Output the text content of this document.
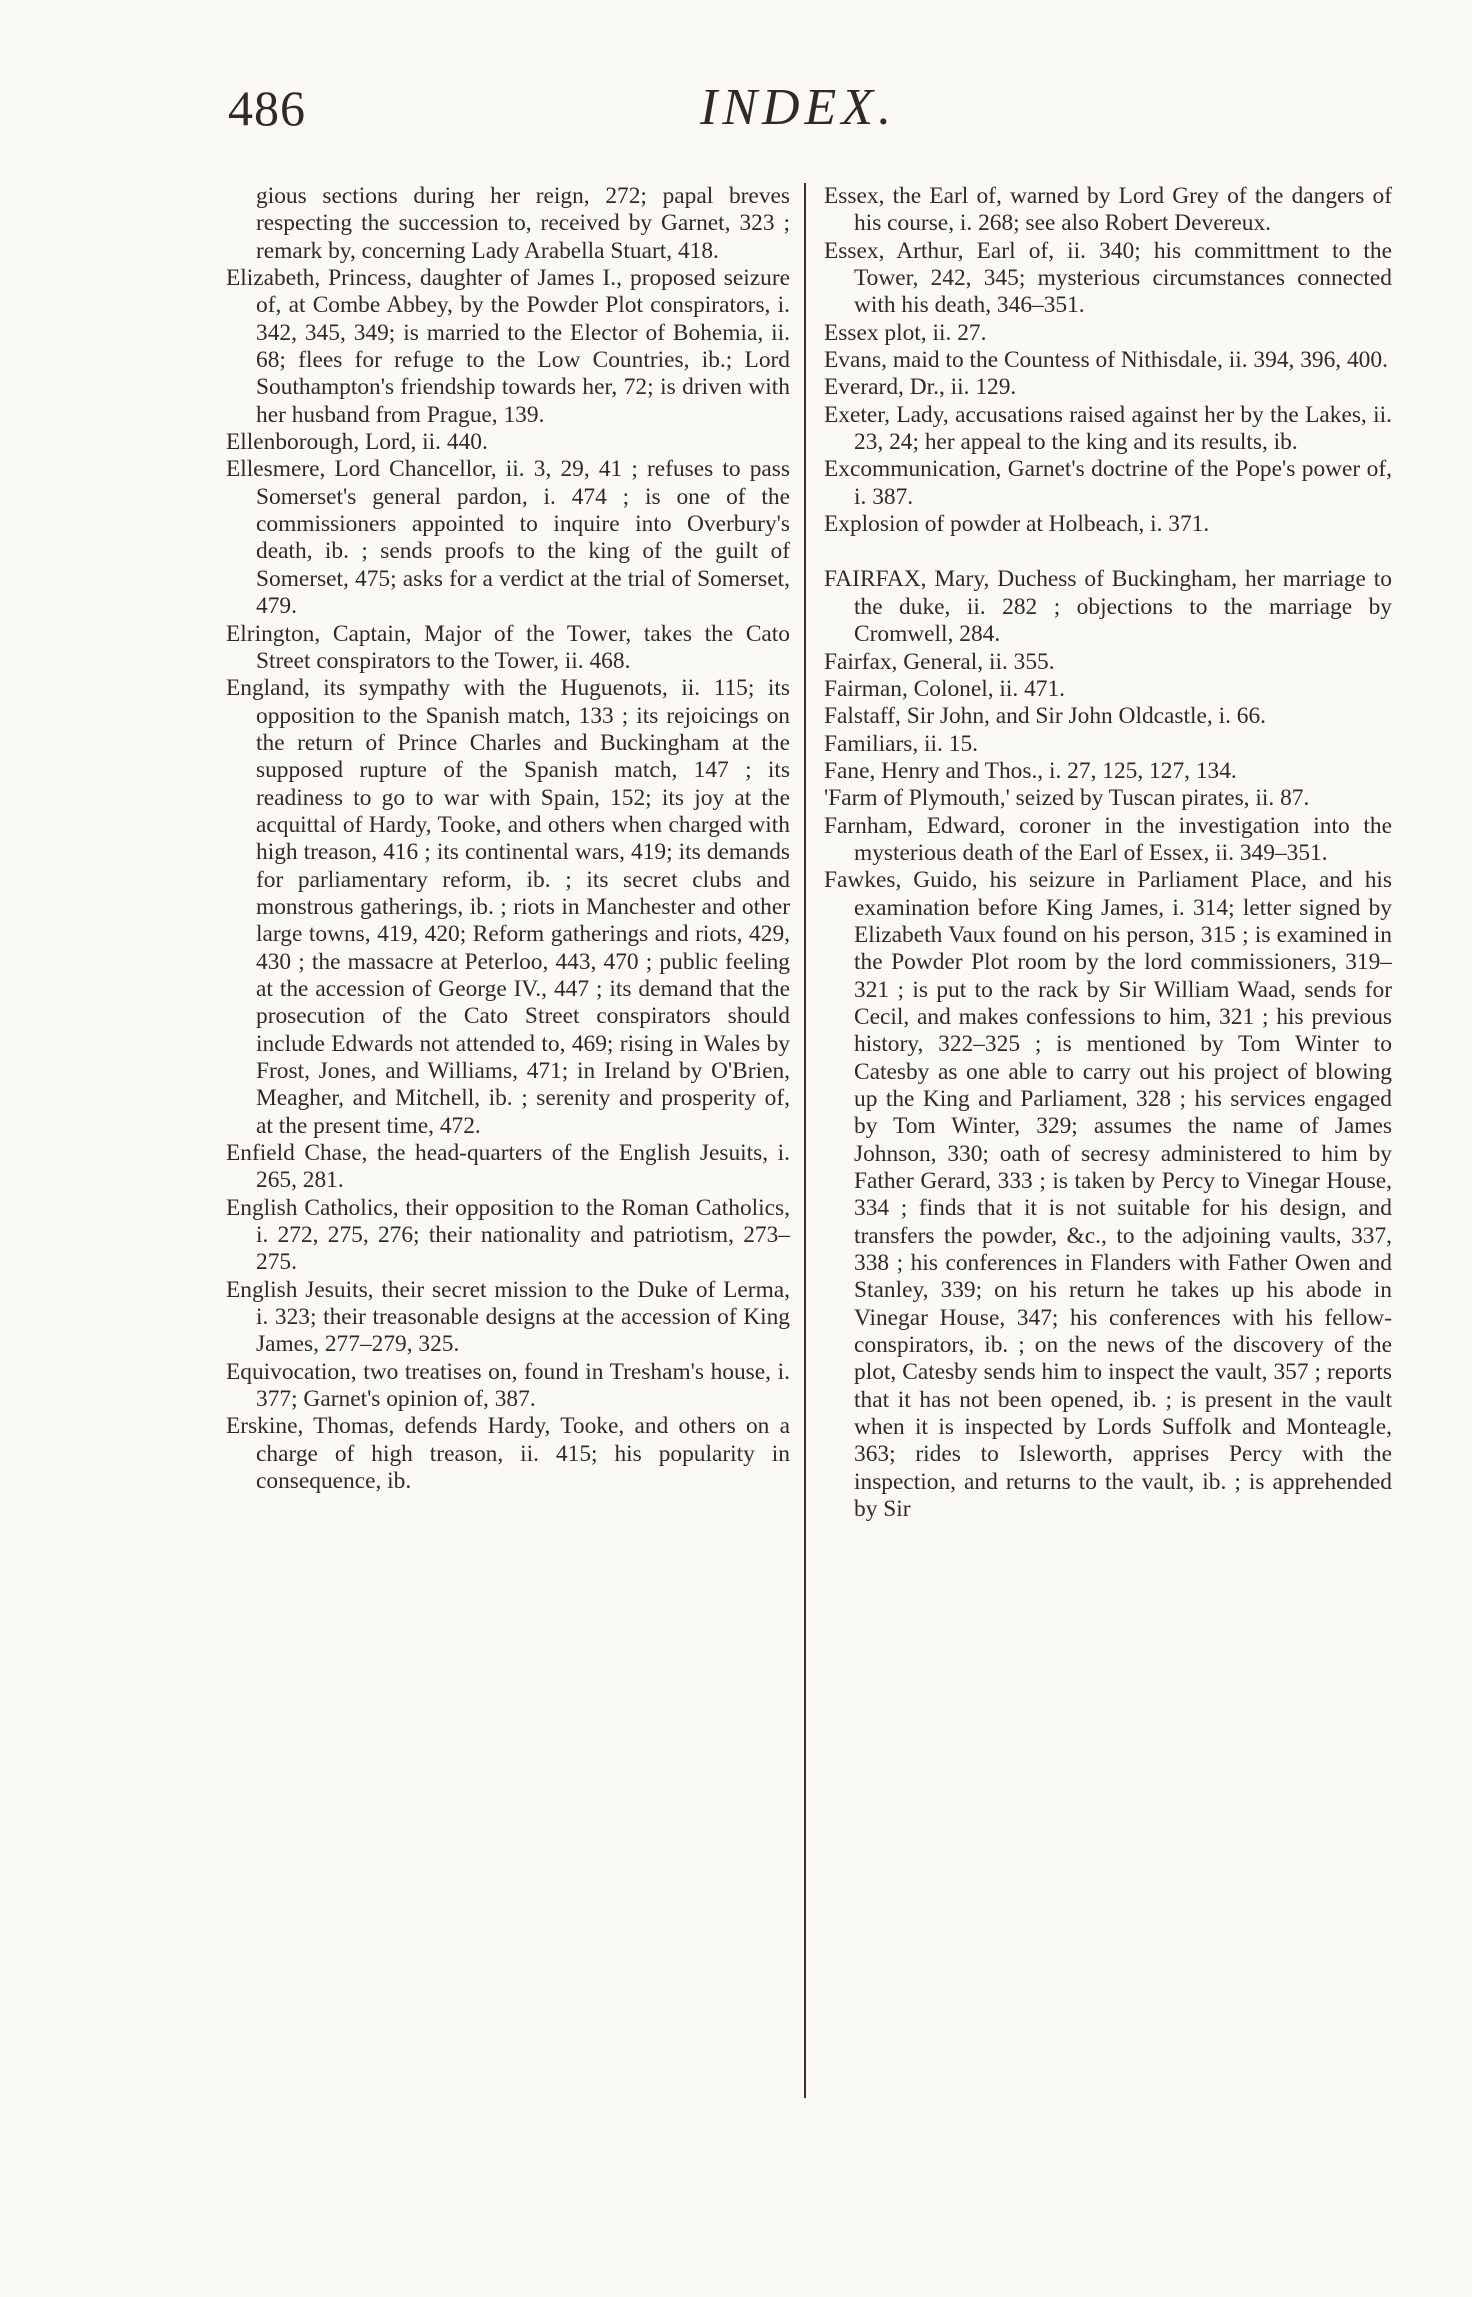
486	INDEX.

gious sections during her reign, 272; papal breves respecting the succession to, received by Garnet, 323 ; remark by, concerning Lady Arabella Stuart, 418.

Elizabeth, Princess, daughter of James I., proposed seizure of, at Combe Abbey, by the Powder Plot conspirators, i. 342, 345, 349; is married to the Elector of Bohemia, ii. 68; flees for refuge to the Low Countries, ib.; Lord Southampton's friendship towards her, 72; is driven with her husband from Prague, 139.

Ellenborough, Lord, ii. 440.

Ellesmere, Lord Chancellor, ii. 3, 29, 41 ; refuses to pass Somerset's general pardon, i. 474 ; is one of the commissioners appointed to inquire into Overbury's death, ib. ; sends proofs to the king of the guilt of Somerset, 475; asks for a verdict at the trial of Somerset, 479.

Elrington, Captain, Major of the Tower, takes the Cato Street conspirators to the Tower, ii. 468.

England, its sympathy with the Huguenots, ii. 115; its opposition to the Spanish match, 133 ; its rejoicings on the return of Prince Charles and Buckingham at the supposed rupture of the Spanish match, 147 ; its readiness to go to war with Spain, 152; its joy at the acquittal of Hardy, Tooke, and others when charged with high treason, 416 ; its continental wars, 419; its demands for parliamentary reform, ib. ; its secret clubs and monstrous gatherings, ib. ; riots in Manchester and other large towns, 419, 420; Reform gatherings and riots, 429, 430 ; the massacre at Peterloo, 443, 470 ; public feeling at the accession of George IV., 447 ; its demand that the prosecution of the Cato Street conspirators should include Edwards not attended to, 469; rising in Wales by Frost, Jones, and Williams, 471; in Ireland by O'Brien, Meagher, and Mitchell, ib. ; serenity and prosperity of, at the present time, 472.

Enfield Chase, the head-quarters of the English Jesuits, i. 265, 281.

English Catholics, their opposition to the Roman Catholics, i. 272, 275, 276; their nationality and patriotism, 273–275.

English Jesuits, their secret mission to the Duke of Lerma, i. 323; their treasonable designs at the accession of King James, 277–279, 325.

Equivocation, two treatises on, found in Tresham's house, i. 377; Garnet's opinion of, 387.

Erskine, Thomas, defends Hardy, Tooke, and others on a charge of high treason, ii. 415; his popularity in consequence, ib.

Essex, the Earl of, warned by Lord Grey of the dangers of his course, i. 268; see also Robert Devereux.

Essex, Arthur, Earl of, ii. 340; his committment to the Tower, 242, 345; mysterious circumstances connected with his death, 346–351.

Essex plot, ii. 27.

Evans, maid to the Countess of Nithisdale, ii. 394, 396, 400.

Everard, Dr., ii. 129.

Exeter, Lady, accusations raised against her by the Lakes, ii. 23, 24; her appeal to the king and its results, ib.

Excommunication, Garnet's doctrine of the Pope's power of, i. 387.

Explosion of powder at Holbeach, i. 371.

FAIRFAX, Mary, Duchess of Buckingham, her marriage to the duke, ii. 282 ; objections to the marriage by Cromwell, 284.

Fairfax, General, ii. 355.

Fairman, Colonel, ii. 471.

Falstaff, Sir John, and Sir John Oldcastle, i. 66.

Familiars, ii. 15.

Fane, Henry and Thos., i. 27, 125, 127, 134.

'Farm of Plymouth,' seized by Tuscan pirates, ii. 87.

Farnham, Edward, coroner in the investigation into the mysterious death of the Earl of Essex, ii. 349–351.

Fawkes, Guido, his seizure in Parliament Place, and his examination before King James, i. 314; letter signed by Elizabeth Vaux found on his person, 315 ; is examined in the Powder Plot room by the lord commissioners, 319–321 ; is put to the rack by Sir William Waad, sends for Cecil, and makes confessions to him, 321 ; his previous history, 322–325 ; is mentioned by Tom Winter to Catesby as one able to carry out his project of blowing up the King and Parliament, 328 ; his services engaged by Tom Winter, 329; assumes the name of James Johnson, 330; oath of secresy administered to him by Father Gerard, 333 ; is taken by Percy to Vinegar House, 334 ; finds that it is not suitable for his design, and transfers the powder, &c., to the adjoining vaults, 337, 338 ; his conferences in Flanders with Father Owen and Stanley, 339; on his return he takes up his abode in Vinegar House, 347; his conferences with his fellow-conspirators, ib. ; on the news of the discovery of the plot, Catesby sends him to inspect the vault, 357 ; reports that it has not been opened, ib. ; is present in the vault when it is inspected by Lords Suffolk and Monteagle, 363; rides to Isleworth, apprises Percy with the inspection, and returns to the vault, ib. ; is apprehended by Sir
